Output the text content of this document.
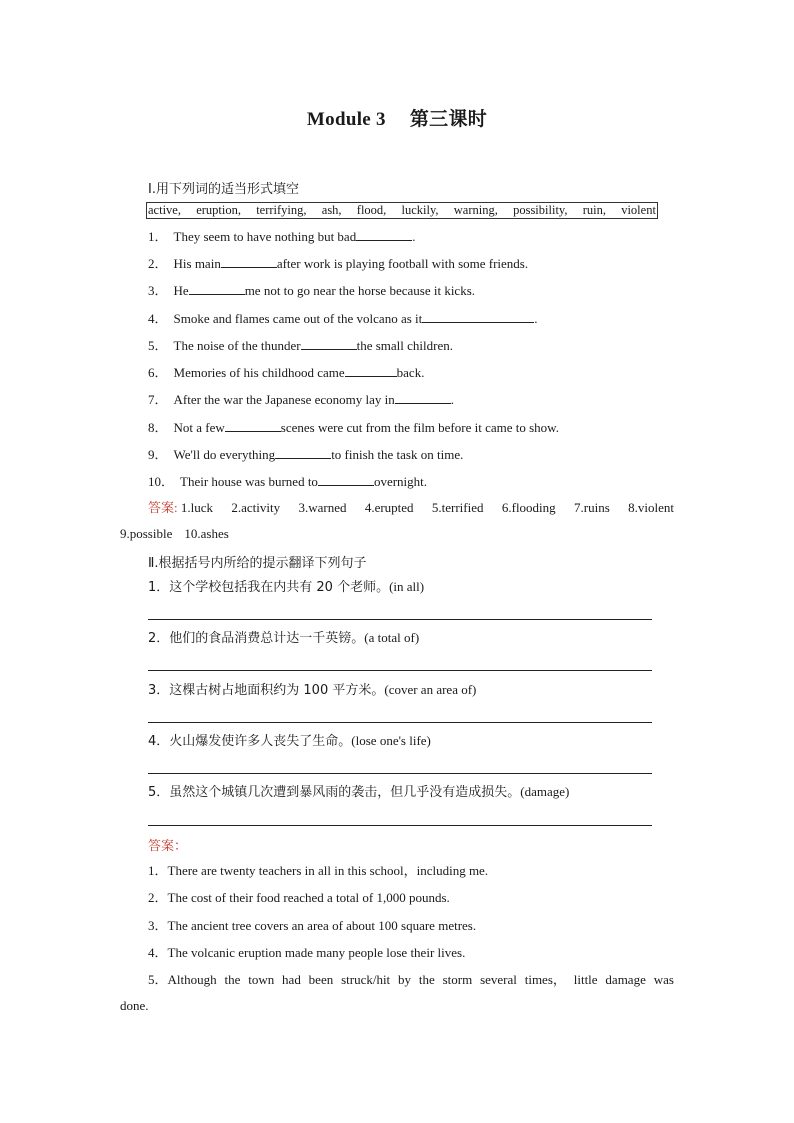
Module 3 第三课时
Ⅰ.用下列词的适当形式填空
active, eruption, terrifying, ash, flood, luckily, warning, possibility, ruin, violent
1． They seem to have nothing but bad	.
2． His main	after work is playing football with some friends.
3． He	me not to go near the horse because it kicks.
4． Smoke and flames came out of the volcano as it	.
5． The noise of the thunder	the small children.
6． Memories of his childhood came	back.
7． After the war the Japanese economy lay in	.
8． Not a few	scenes were cut from the film before it came to show.
9． We'll do everything	to finish the task on time.
10． Their house was burned to	overnight.
答案: 1.luck 2.activity 3.warned 4.erupted 5.terrified 6.flooding 7.ruins 8.violent
9.possible 10.ashes
Ⅱ.根据括号内所给的提示翻译下列句子
1．这个学校包括我在内共有 20 个老师。(in all)
2．他们的食品消费总计达一千英镑。(a total of)
3．这棵古树占地面积约为 100 平方米。(cover an area of)
4．火山爆发使许多人丧失了生命。(lose one's life)
5．虽然这个城镇几次遭到暴风雨的袭击，但几乎没有造成损失。(damage)
答案：
1．There are twenty teachers in all in this school，including me.
2．The cost of their food reached a total of 1,000 pounds.
3．The ancient tree covers an area of about 100 square metres.
4．The volcanic eruption made many people lose their lives.
5．Although the town had been struck/hit by the storm several times， little damage was
done.
